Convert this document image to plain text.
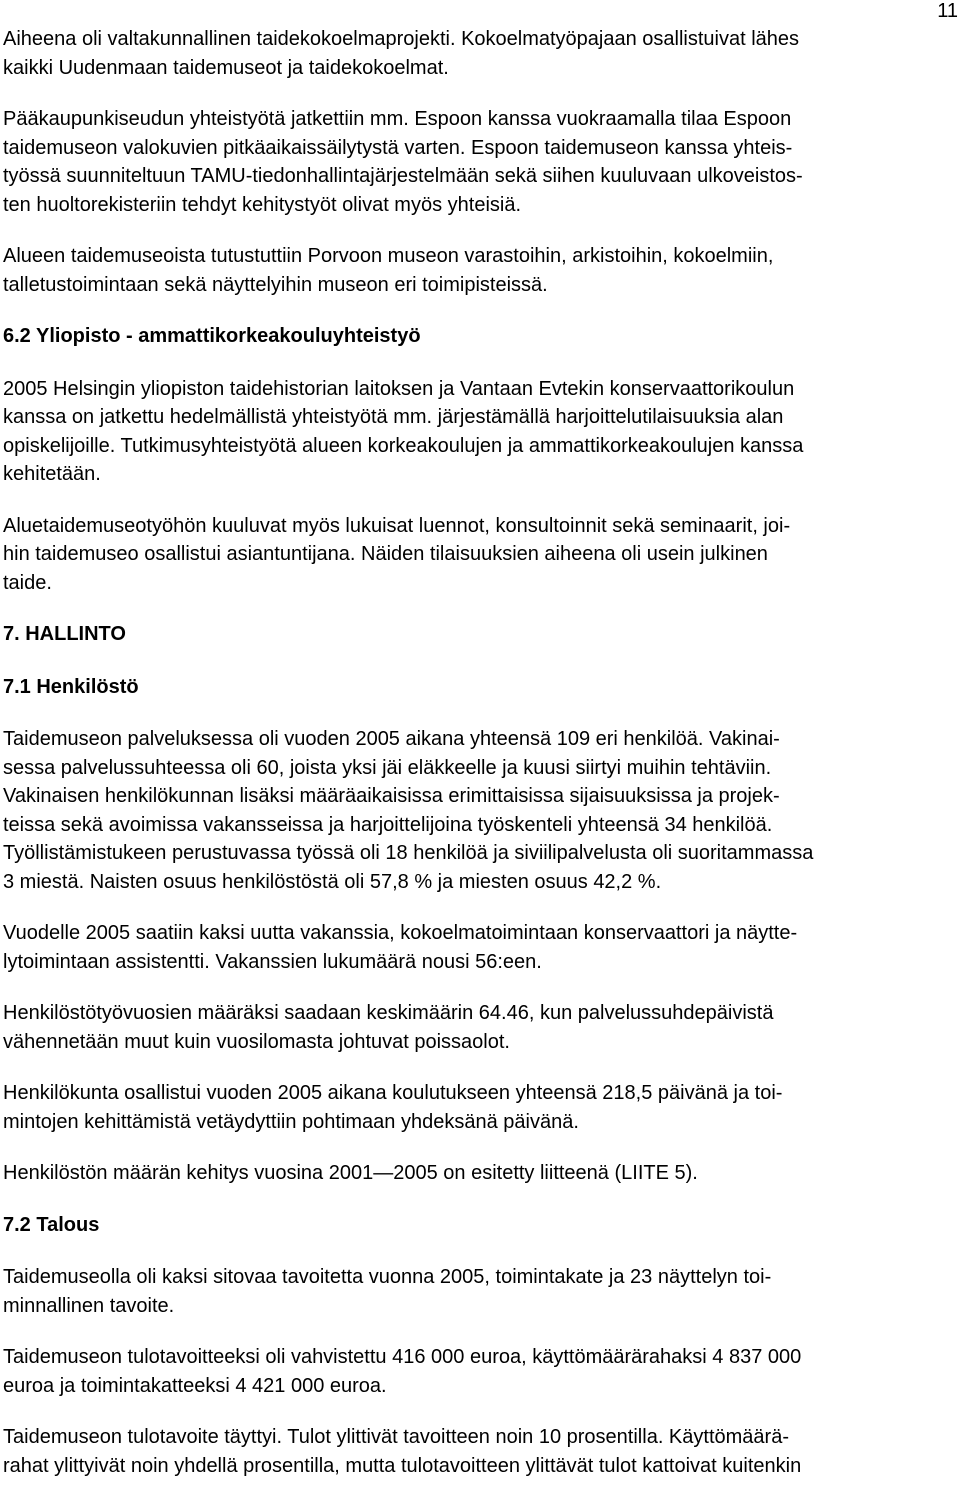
11

Aiheena oli valtakunnallinen taidekokoelmaprojekti. Kokoelmatyöpajaan osallistuivat lähes
kaikki Uudenmaan taidemuseot ja taidekokoelmat.

Pääkaupunkiseudun yhteistyötä jatkettiin mm. Espoon kanssa vuokraamalla tilaa Espoon
taidemuseon valokuvien pitkäaikaissäilytystä varten. Espoon taidemuseon kanssa yhteis-
työssä suunniteltuun TAMU-tiedonhallintajärjestelmään sekä siihen kuuluvaan ulkoveistos-
ten huoltorekisteriin tehdyt kehitystyöt olivat myös yhteisiä.

Alueen taidemuseoista tutustuttiin Porvoon museon varastoihin, arkistoihin, kokoelmiin,
talletustoimintaan sekä näyttelyihin museon eri toimipisteissä.

6.2 Yliopisto - ammattikorkeakouluyhteistyö

2005 Helsingin yliopiston taidehistorian laitoksen ja Vantaan Evtekin konservaattorikoulun
kanssa on jatkettu hedelmällistä yhteistyötä mm. järjestämällä harjoittelutilaisuuksia alan
opiskelijoille. Tutkimusyhteistyötä alueen korkeakoulujen ja ammattikorkeakoulujen kanssa
kehitetään.

Aluetaidemuseotyöhön kuuluvat myös lukuisat luennot, konsultoinnit sekä seminaarit, joi-
hin taidemuseo osallistui asiantuntijana. Näiden tilaisuuksien aiheena oli usein julkinen
taide.

7. HALLINTO
7.1 Henkilöstö

Taidemuseon palveluksessa oli vuoden 2005 aikana yhteensä 109 eri henkilöä. Vakinai-
sessa palvelussuhteessa oli 60, joista yksi jäi eläkkeelle ja kuusi siirtyi muihin tehtäviin.
Vakinaisen henkilökunnan lisäksi määräaikaisissa erimittaisissa sijaisuuksissa ja projek-
teissa sekä avoimissa vakansseissa ja harjoittelijoina työskenteli yhteensä 34 henkilöä.
Työllistämistukeen perustuvassa työssä oli 18 henkilöä ja siviilipalvelusta oli suoritammassa
3 miestä. Naisten osuus henkilöstöstä oli 57,8 % ja miesten osuus 42,2 %.

Vuodelle 2005 saatiin kaksi uutta vakanssia, kokoelmatoimintaan konservaattori ja näytte-
lytoimintaan assistentti. Vakanssien lukumäärä nousi 56:een.

Henkilöstötyövuosien määräksi saadaan keskimäärin 64.46, kun palvelussuhdepäivistä
vähennetään muut kuin vuosilomasta johtuvat poissaolot.

Henkilökunta osallistui vuoden 2005 aikana koulutukseen yhteensä 218,5 päivänä ja toi-
mintojen kehittämistä vetäydyttiin pohtimaan yhdeksänä päivänä.

Henkilöstön määrän kehitys vuosina 2001—2005 on esitetty liitteenä (LIITE 5).

7.2 Talous

Taidemuseolla oli kaksi sitovaa tavoitetta vuonna 2005, toimintakate ja 23 näyttelyn toi-
minnallinen tavoite.

Taidemuseon tulotavoitteeksi oli vahvistettu 416 000 euroa, käyttömäärärahaksi 4 837 000
euroa ja toimintakatteeksi 4 421 000 euroa.

Taidemuseon tulotavoite täyttyi. Tulot ylittivät tavoitteen noin 10 prosentilla. Käyttömäärä-
rahat ylittyivät noin yhdellä prosentilla, mutta tulotavoitteen ylittävät tulot kattoivat kuitenkin
